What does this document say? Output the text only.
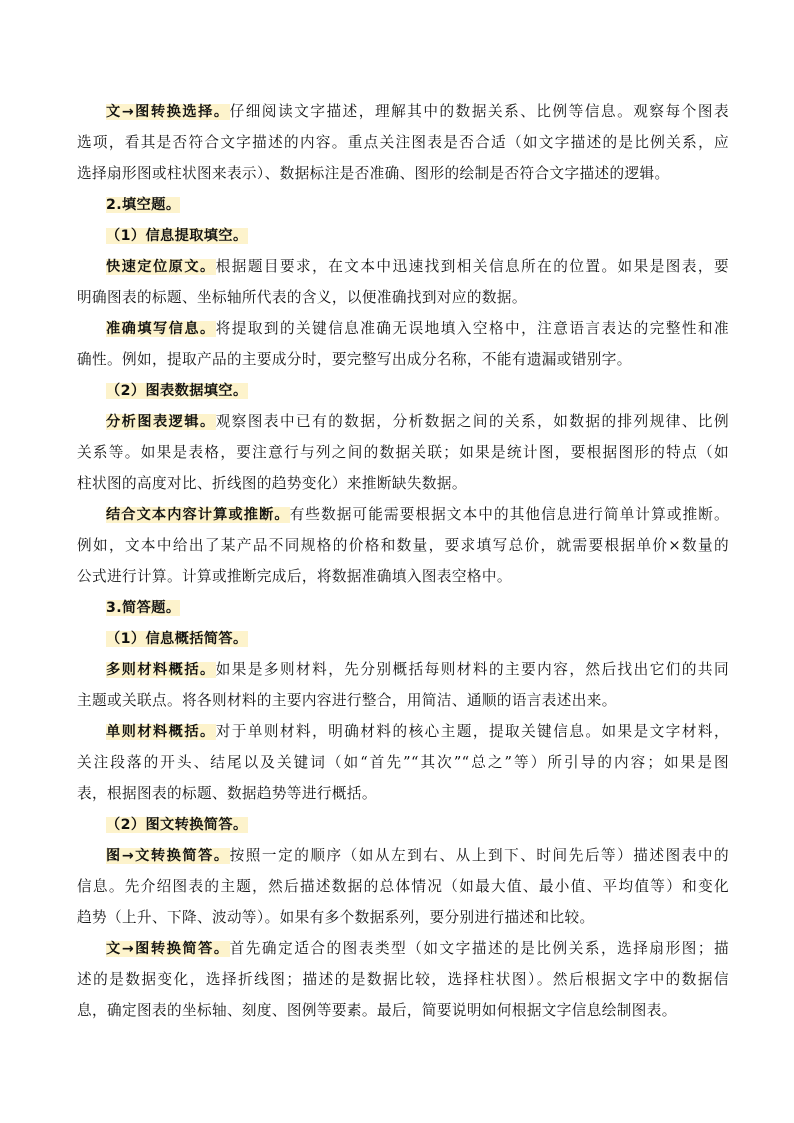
文→图转换选择。仔细阅读文字描述，理解其中的数据关系、比例等信息。观察每个图表
选项，看其是否符合文字描述的内容。重点关注图表是否合适（如文字描述的是比例关系，应
选择扇形图或柱状图来表示）、数据标注是否准确、图形的绘制是否符合文字描述的逻辑。
2.填空题。
（1）信息提取填空。
快速定位原文。根据题目要求，在文本中迅速找到相关信息所在的位置。如果是图表，要
明确图表的标题、坐标轴所代表的含义，以便准确找到对应的数据。
准确填写信息。将提取到的关键信息准确无误地填入空格中，注意语言表达的完整性和准
确性。例如，提取产品的主要成分时，要完整写出成分名称，不能有遗漏或错别字。
（2）图表数据填空。
分析图表逻辑。观察图表中已有的数据，分析数据之间的关系，如数据的排列规律、比例
关系等。如果是表格，要注意行与列之间的数据关联；如果是统计图，要根据图形的特点（如
柱状图的高度对比、折线图的趋势变化）来推断缺失数据。
结合文本内容计算或推断。有些数据可能需要根据文本中的其他信息进行简单计算或推断。
例如，文本中给出了某产品不同规格的价格和数量，要求填写总价，就需要根据单价×数量的
公式进行计算。计算或推断完成后，将数据准确填入图表空格中。
3.简答题。
（1）信息概括简答。
多则材料概括。如果是多则材料，先分别概括每则材料的主要内容，然后找出它们的共同
主题或关联点。将各则材料的主要内容进行整合，用简洁、通顺的语言表述出来。
单则材料概括。对于单则材料，明确材料的核心主题，提取关键信息。如果是文字材料，
关注段落的开头、结尾以及关键词（如“首先”“其次”“总之”等）所引导的内容；如果是图
表，根据图表的标题、数据趋势等进行概括。
（2）图文转换简答。
图→文转换简答。按照一定的顺序（如从左到右、从上到下、时间先后等）描述图表中的
信息。先介绍图表的主题，然后描述数据的总体情况（如最大值、最小值、平均值等）和变化
趋势（上升、下降、波动等）。如果有多个数据系列，要分别进行描述和比较。
文→图转换简答。首先确定适合的图表类型（如文字描述的是比例关系，选择扇形图；描
述的是数据变化，选择折线图；描述的是数据比较，选择柱状图）。然后根据文字中的数据信
息，确定图表的坐标轴、刻度、图例等要素。最后，简要说明如何根据文字信息绘制图表。
